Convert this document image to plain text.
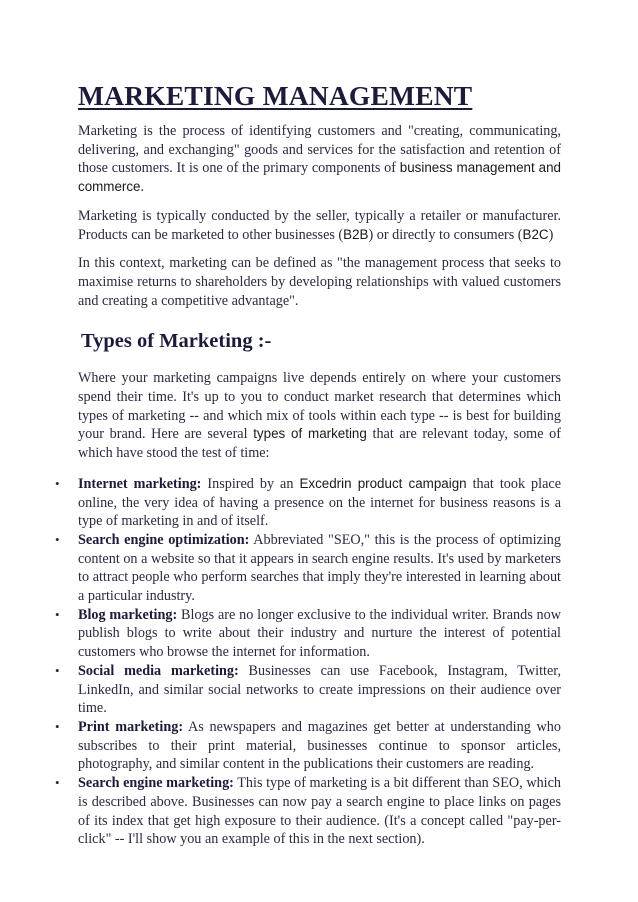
MARKETING MANAGEMENT

Marketing is the process of identifying customers and "creating, communicating, delivering, and exchanging" goods and services for the satisfaction and retention of those customers. It is one of the primary components of business management and commerce.

Marketing is typically conducted by the seller, typically a retailer or manufacturer. Products can be marketed to other businesses (B2B) or directly to consumers (B2C)

In this context, marketing can be defined as "the management process that seeks to maximise returns to shareholders by developing relationships with valued customers and creating a competitive advantage".

Types of Marketing :-

Where your marketing campaigns live depends entirely on where your customers spend their time. It's up to you to conduct market research that determines which types of marketing -- and which mix of tools within each type -- is best for building your brand. Here are several types of marketing that are relevant today, some of which have stood the test of time:

• Internet marketing: Inspired by an Excedrin product campaign that took place online, the very idea of having a presence on the internet for business reasons is a type of marketing in and of itself.
• Search engine optimization: Abbreviated "SEO," this is the process of optimizing content on a website so that it appears in search engine results. It's used by marketers to attract people who perform searches that imply they're interested in learning about a particular industry.
• Blog marketing: Blogs are no longer exclusive to the individual writer. Brands now publish blogs to write about their industry and nurture the interest of potential customers who browse the internet for information.
• Social media marketing: Businesses can use Facebook, Instagram, Twitter, LinkedIn, and similar social networks to create impressions on their audience over time.
• Print marketing: As newspapers and magazines get better at understanding who subscribes to their print material, businesses continue to sponsor articles, photography, and similar content in the publications their customers are reading.
• Search engine marketing: This type of marketing is a bit different than SEO, which is described above. Businesses can now pay a search engine to place links on pages of its index that get high exposure to their audience. (It's a concept called "pay-per-click" -- I'll show you an example of this in the next section).
